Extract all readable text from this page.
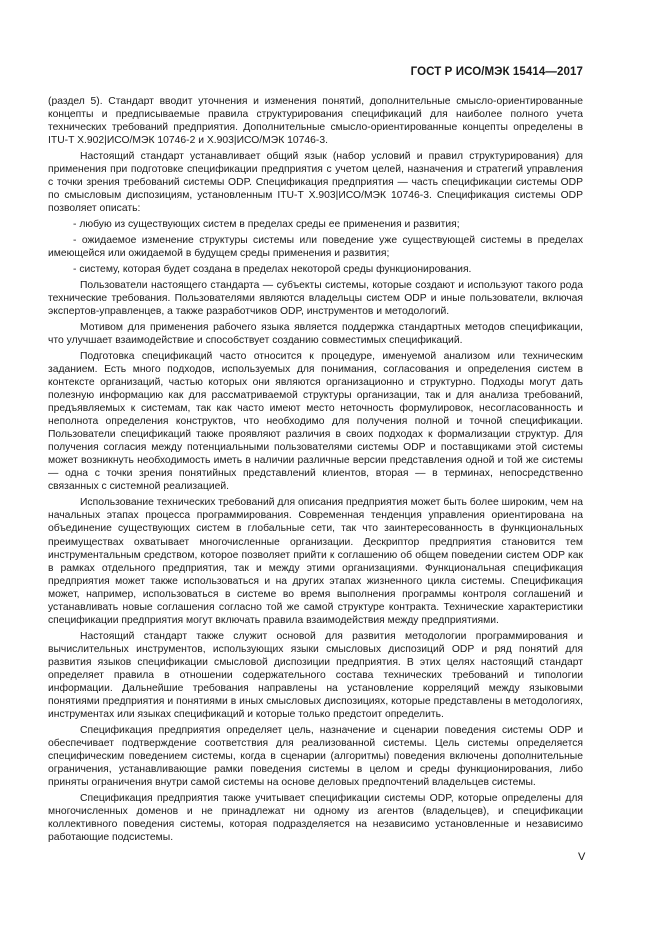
ГОСТ Р ИСО/МЭК 15414—2017

(раздел 5). Стандарт вводит уточнения и изменения понятий, дополнительные смысло-ориентированные концепты и предписываемые правила структурирования спецификаций для наиболее полного учета технических требований предприятия. Дополнительные смысло-ориентированные концепты определены в ITU-T X.902|ИСО/МЭК 10746-2 и X.903|ИСО/МЭК 10746-3.

Настоящий стандарт устанавливает общий язык (набор условий и правил структурирования) для применения при подготовке спецификации предприятия с учетом целей, назначения и стратегий управления с точки зрения требований системы ODP. Спецификация предприятия — часть спецификации системы ODP по смысловым диспозициям, установленным ITU-T X.903|ИСО/МЭК 10746-3. Спецификация системы ODP позволяет описать:

- любую из существующих систем в пределах среды ее применения и развития;

- ожидаемое изменение структуры системы или поведение уже существующей системы в пределах имеющейся или ожидаемой в будущем среды применения и развития;

- систему, которая будет создана в пределах некоторой среды функционирования.

Пользователи настоящего стандарта — субъекты системы, которые создают и используют такого рода технические требования. Пользователями являются владельцы систем ODP и иные пользователи, включая экспертов-управленцев, а также разработчиков ODP, инструментов и методологий.

Мотивом для применения рабочего языка является поддержка стандартных методов спецификации, что улучшает взаимодействие и способствует созданию совместимых спецификаций.

Подготовка спецификаций часто относится к процедуре, именуемой анализом или техническим заданием. Есть много подходов, используемых для понимания, согласования и определения систем в контексте организаций, частью которых они являются организационно и структурно. Подходы могут дать полезную информацию как для рассматриваемой структуры организации, так и для анализа требований, предъявляемых к системам, так как часто имеют место неточность формулировок, несогласованность и неполнота определения конструктов, что необходимо для получения полной и точной спецификации. Пользователи спецификаций также проявляют различия в своих подходах к формализации структур. Для получения согласия между потенциальными пользователями системы ODP и поставщиками этой системы может возникнуть необходимость иметь в наличии различные версии представления одной и той же системы — одна с точки зрения понятийных представлений клиентов, вторая — в терминах, непосредственно связанных с системной реализацией.

Использование технических требований для описания предприятия может быть более широким, чем на начальных этапах процесса программирования. Современная тенденция управления ориентирована на объединение существующих систем в глобальные сети, так что заинтересованность в функциональных преимуществах охватывает многочисленные организации. Дескриптор предприятия становится тем инструментальным средством, которое позволяет прийти к соглашению об общем поведении систем ODP как в рамках отдельного предприятия, так и между этими организациями. Функциональная спецификация предприятия может также использоваться и на других этапах жизненного цикла системы. Спецификация может, например, использоваться в системе во время выполнения программы контроля соглашений и устанавливать новые соглашения согласно той же самой структуре контракта. Технические характеристики спецификации предприятия могут включать правила взаимодействия между предприятиями.

Настоящий стандарт также служит основой для развития методологии программирования и вычислительных инструментов, использующих языки смысловых диспозиций ODP и ряд понятий для развития языков спецификации смысловой диспозиции предприятия. В этих целях настоящий стандарт определяет правила в отношении содержательного состава технических требований и типологии информации. Дальнейшие требования направлены на установление корреляций между языковыми понятиями предприятия и понятиями в иных смысловых диспозициях, которые представлены в методологиях, инструментах или языках спецификаций и которые только предстоит определить.

Спецификация предприятия определяет цель, назначение и сценарии поведения системы ODP и обеспечивает подтверждение соответствия для реализованной системы. Цель системы определяется специфическим поведением системы, когда в сценарии (алгоритмы) поведения включены дополнительные ограничения, устанавливающие рамки поведения системы в целом и среды функционирования, либо приняты ограничения внутри самой системы на основе деловых предпочтений владельцев системы.

Спецификация предприятия также учитывает спецификации системы ODP, которые определены для многочисленных доменов и не принадлежат ни одному из агентов (владельцев), и спецификации коллективного поведения системы, которая подразделяется на независимо установленные и независимо работающие подсистемы.

V
